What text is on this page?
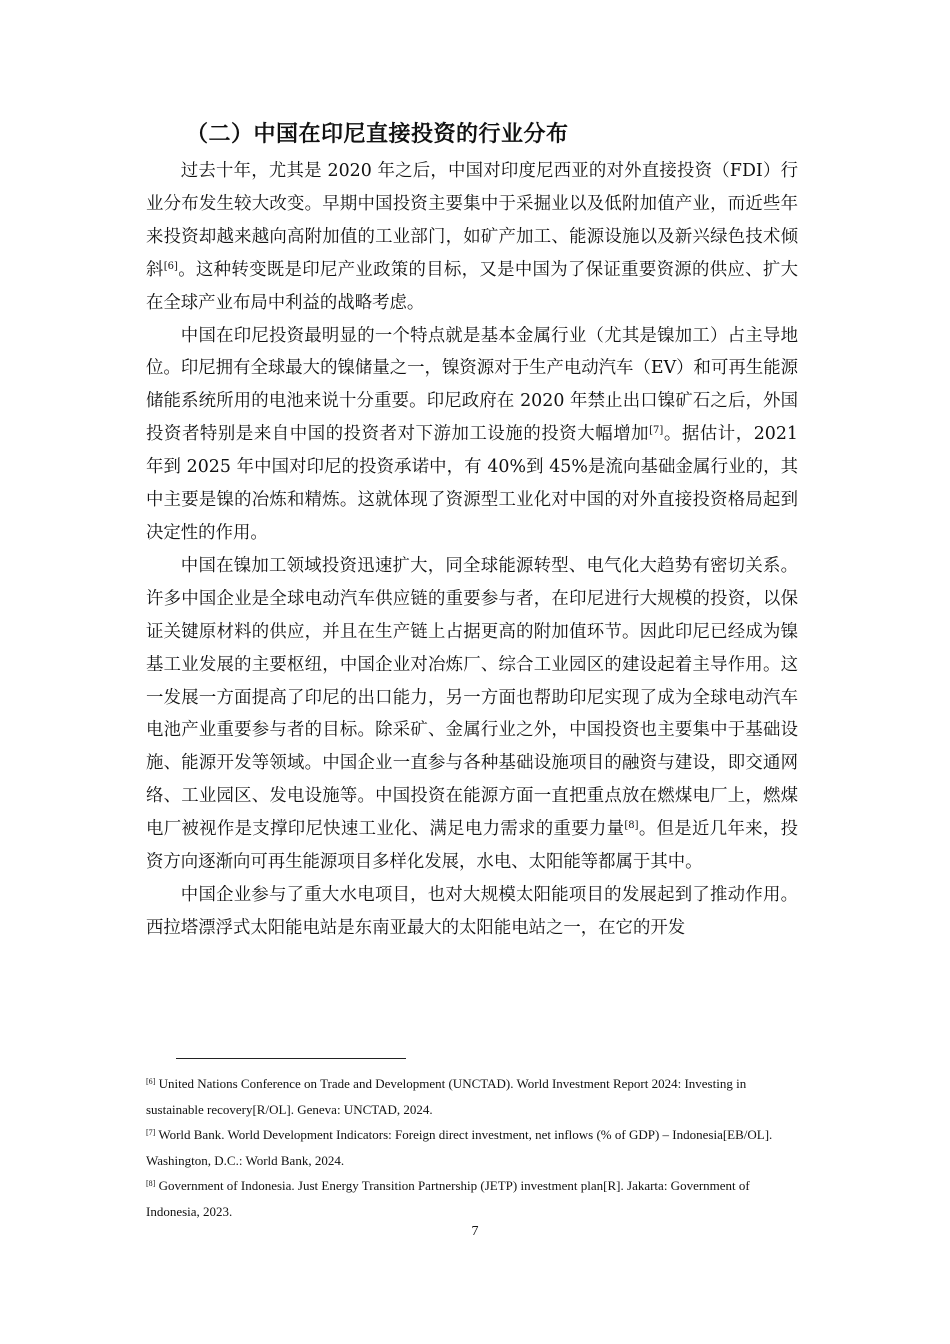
（二）中国在印尼直接投资的行业分布

过去十年，尤其是 2020 年之后，中国对印度尼西亚的对外直接投资（FDI）行业分布发生较大改变。早期中国投资主要集中于采掘业以及低附加值产业，而近些年来投资却越来越向高附加值的工业部门，如矿产加工、能源设施以及新兴绿色技术倾斜[6]。这种转变既是印尼产业政策的目标，又是中国为了保证重要资源的供应、扩大在全球产业布局中利益的战略考虑。

中国在印尼投资最明显的一个特点就是基本金属行业（尤其是镍加工）占主导地位。印尼拥有全球最大的镍储量之一，镍资源对于生产电动汽车（EV）和可再生能源储能系统所用的电池来说十分重要。印尼政府在 2020 年禁止出口镍矿石之后，外国投资者特别是来自中国的投资者对下游加工设施的投资大幅增加[7]。据估计，2021 年到 2025 年中国对印尼的投资承诺中，有 40%到 45%是流向基础金属行业的，其中主要是镍的冶炼和精炼。这就体现了资源型工业化对中国的对外直接投资格局起到决定性的作用。

中国在镍加工领域投资迅速扩大，同全球能源转型、电气化大趋势有密切关系。许多中国企业是全球电动汽车供应链的重要参与者，在印尼进行大规模的投资，以保证关键原材料的供应，并且在生产链上占据更高的附加值环节。因此印尼已经成为镍基工业发展的主要枢纽，中国企业对冶炼厂、综合工业园区的建设起着主导作用。这一发展一方面提高了印尼的出口能力，另一方面也帮助印尼实现了成为全球电动汽车电池产业重要参与者的目标。除采矿、金属行业之外，中国投资也主要集中于基础设施、能源开发等领域。中国企业一直参与各种基础设施项目的融资与建设，即交通网络、工业园区、发电设施等。中国投资在能源方面一直把重点放在燃煤电厂上，燃煤电厂被视作是支撑印尼快速工业化、满足电力需求的重要力量[8]。但是近几年来，投资方向逐渐向可再生能源项目多样化发展，水电、太阳能等都属于其中。

中国企业参与了重大水电项目，也对大规模太阳能项目的发展起到了推动作用。西拉塔漂浮式太阳能电站是东南亚最大的太阳能电站之一，在它的开发

[6] United Nations Conference on Trade and Development (UNCTAD). World Investment Report 2024: Investing in sustainable recovery[R/OL]. Geneva: UNCTAD, 2024.

[7] World Bank. World Development Indicators: Foreign direct investment, net inflows (% of GDP) – Indonesia[EB/OL]. Washington, D.C.: World Bank, 2024.

[8] Government of Indonesia. Just Energy Transition Partnership (JETP) investment plan[R]. Jakarta: Government of Indonesia, 2023.

7
